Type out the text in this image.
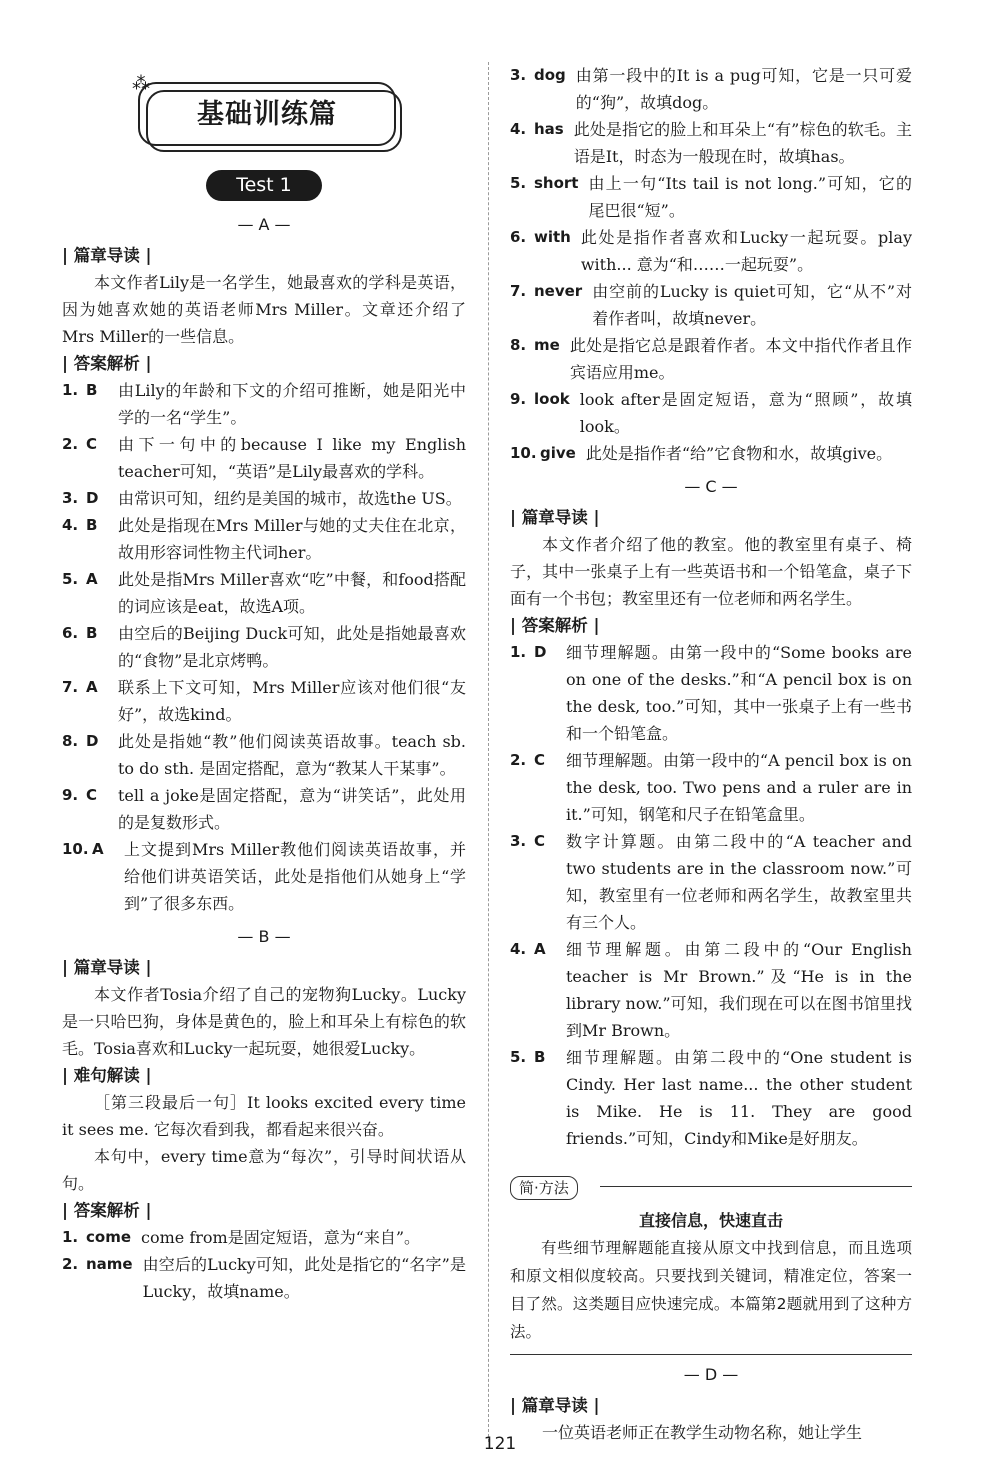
⁂
基础训练篇
Test 1
— A —
| 篇章导读 |
本文作者Lily是一名学生，她最喜欢的学科是英语，因为她喜欢她的英语老师Mrs Miller。文章还介绍了Mrs Miller的一些信息。
| 答案解析 |
1. B	由Lily的年龄和下文的介绍可推断，她是阳光中学的一名“学生”。
2. C	由下一句中的because I like my English teacher可知，“英语”是Lily最喜欢的学科。
3. D	由常识可知，纽约是美国的城市，故选the US。
4. B	此处是指现在Mrs Miller与她的丈夫住在北京，故用形容词性物主代词her。
5. A	此处是指Mrs Miller喜欢“吃”中餐，和food搭配的词应该是eat，故选A项。
6. B	由空后的Beijing Duck可知，此处是指她最喜欢的“食物”是北京烤鸭。
7. A	联系上下文可知，Mrs Miller应该对他们很“友好”，故选kind。
8. D	此处是指她“教”他们阅读英语故事。teach sb. to do sth. 是固定搭配，意为“教某人干某事”。
9. C	tell a joke是固定搭配，意为“讲笑话”，此处用的是复数形式。
10. A	上文提到Mrs Miller教他们阅读英语故事，并给他们讲英语笑话，此处是指他们从她身上“学到”了很多东西。
— B —
| 篇章导读 |
本文作者Tosia介绍了自己的宠物狗Lucky。Lucky是一只哈巴狗，身体是黄色的，脸上和耳朵上有棕色的软毛。Tosia喜欢和Lucky一起玩耍，她很爱Lucky。
| 难句解读 |
［第三段最后一句］It looks excited every time it sees me. 它每次看到我，都看起来很兴奋。
本句中，every time意为“每次”，引导时间状语从句。
| 答案解析 |
1. come come from是固定短语，意为“来自”。
2. name 由空后的Lucky可知，此处是指它的“名字”是Lucky，故填name。
3. dog 由第一段中的It is a pug可知，它是一只可爱的“狗”，故填dog。
4. has 此处是指它的脸上和耳朵上“有”棕色的软毛。主语是It，时态为一般现在时，故填has。
5. short 由上一句“Its tail is not long.”可知，它的尾巴很“短”。
6. with 此处是指作者喜欢和Lucky一起玩耍。play with... 意为“和……一起玩耍”。
7. never 由空前的Lucky is quiet可知，它“从不”对着作者叫，故填never。
8. me 此处是指它总是跟着作者。本文中指代作者且作宾语应用me。
9. look look after是固定短语，意为“照顾”，故填look。
10. give 此处是指作者“给”它食物和水，故填give。
— C —
| 篇章导读 |
本文作者介绍了他的教室。他的教室里有桌子、椅子，其中一张桌子上有一些英语书和一个铅笔盒，桌子下面有一个书包；教室里还有一位老师和两名学生。
| 答案解析 |
1. D	细节理解题。由第一段中的“Some books are on one of the desks.”和“A pencil box is on the desk, too.”可知，其中一张桌子上有一些书和一个铅笔盒。
2. C	细节理解题。由第一段中的“A pencil box is on the desk, too. Two pens and a ruler are in it.”可知，钢笔和尺子在铅笔盒里。
3. C	数字计算题。由第二段中的“A teacher and two students are in the classroom now.”可知，教室里有一位老师和两名学生，故教室里共有三个人。
4. A	细节理解题。由第二段中的“Our English teacher is Mr Brown.”及“He is in the library now.”可知，我们现在可以在图书馆里找到Mr Brown。
5. B	细节理解题。由第二段中的“One student is Cindy. Her last name... the other student is Mike. He is 11. They are good friends.”可知，Cindy和Mike是好朋友。
简·方法
直接信息，快速直击
有些细节理解题能直接从原文中找到信息，而且选项和原文相似度较高。只要找到关键词，精准定位，答案一目了然。这类题目应快速完成。本篇第2题就用到了这种方法。
— D —
| 篇章导读 |
一位英语老师正在教学生动物名称，她让学生
121
